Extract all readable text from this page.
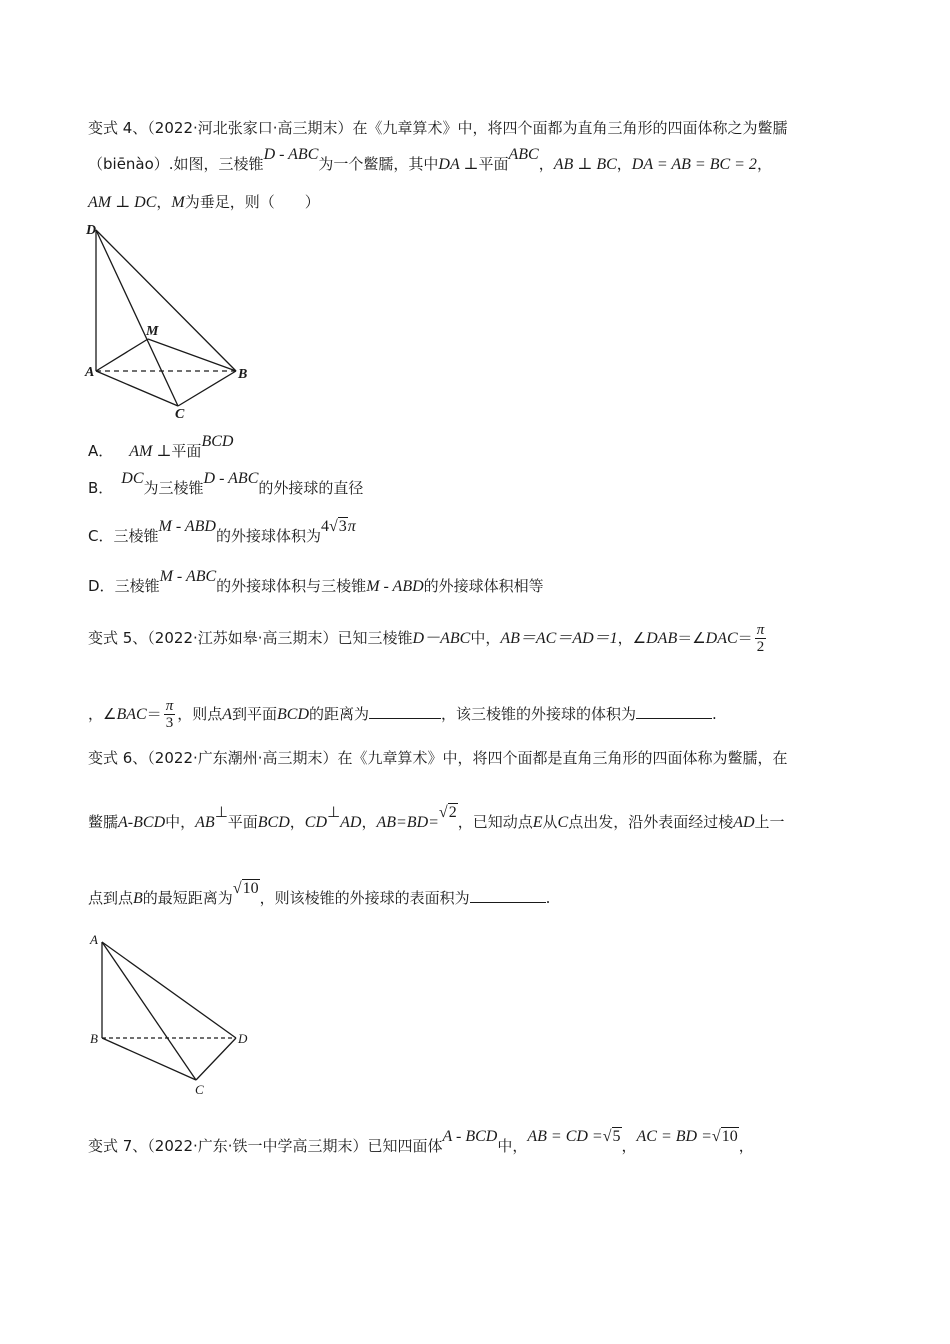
变式 4、（2022·河北张家口·高三期末）在《九章算术》中，将四个面都为直角三角形的四面体称之为鳖臑
（biēnào）.如图，三棱锥D - ABC为一个鳖臑，其中DA ⊥平面ABC，AB ⊥ BC，DA = AB = BC = 2，
AM ⊥ DC，M为垂足，则（　　）
D
M
A	B
C
A． AM ⊥平面BCD
B．DC为三棱锥D - ABC的外接球的直径
C．三棱锥M - ABD的外接球体积为4√3π
D．三棱锥M - ABC的外接球体积与三棱锥M - ABD的外接球体积相等
变式 5、（2022·江苏如皋·高三期末）已知三棱锥D－ABC中，AB＝AC＝AD＝1，∠DAB＝∠DAC＝ $\frac{\pi}{2}$
，∠BAC＝ $\frac{\pi}{3}$ ，则点A到平面BCD的距离为	，该三棱锥的外接球的体积为	.
变式 6、（2022·广东潮州·高三期末）在《九章算术》中，将四个面都是直角三角形的四面体称为鳖臑，在
鳖臑A-BCD中，AB⊥平面BCD，CD⊥AD，AB=BD=√2，已知动点E从C点出发，沿外表面经过棱AD上一
点到点B的最短距离为√10，则该棱锥的外接球的表面积为	.
A
B	D
C
变式 7、（2022·广东·铁一中学高三期末）已知四面体A - BCD中，AB = CD =√5，AC = BD =√10，
